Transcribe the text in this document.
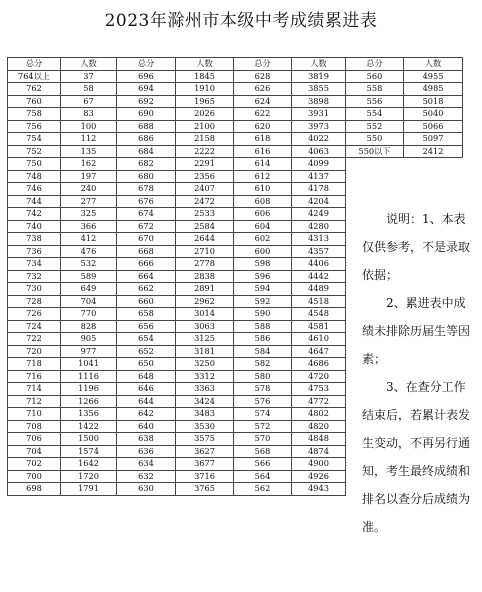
2023年滁州市本级中考成绩累进表
总分	人数	总分	人数	总分	人数	总分	人数
764以上	37	696	1845	628	3819	560	4955
762	58	694	1910	626	3855	558	4985
760	67	692	1965	624	3898	556	5018
758	83	690	2026	622	3931	554	5040
756	100	688	2100	620	3973	552	5066
754	112	686	2158	618	4022	550	5097
752	135	684	2222	616	4063	550以下	2412
750	162	682	2291	614	4099		
748	197	680	2356	612	4137		
746	240	678	2407	610	4178		
744	277	676	2472	608	4204		
742	325	674	2533	606	4249		
740	366	672	2584	604	4280		
738	412	670	2644	602	4313		
736	476	668	2710	600	4357		
734	532	666	2778	598	4406		
732	589	664	2838	596	4442		
730	649	662	2891	594	4489		
728	704	660	2962	592	4518		
726	770	658	3014	590	4548		
724	828	656	3063	588	4581		
722	905	654	3125	586	4610		
720	977	652	3181	584	4647		
718	1041	650	3250	582	4686		
716	1116	648	3312	580	4720		
714	1196	646	3363	578	4753		
712	1266	644	3424	576	4772		
710	1356	642	3483	574	4802		
708	1422	640	3530	572	4820		
706	1500	638	3575	570	4848		
704	1574	636	3627	568	4874		
702	1642	634	3677	566	4900		
700	1720	632	3716	564	4926		
698	1791	630	3765	562	4943		

说明：1、本表仅供参考，不是录取依据；

2、累进表中成绩未排除历届生等因素；

3、在查分工作结束后，若累计表发生变动，不再另行通知，考生最终成绩和排名以查分后成绩为准。
